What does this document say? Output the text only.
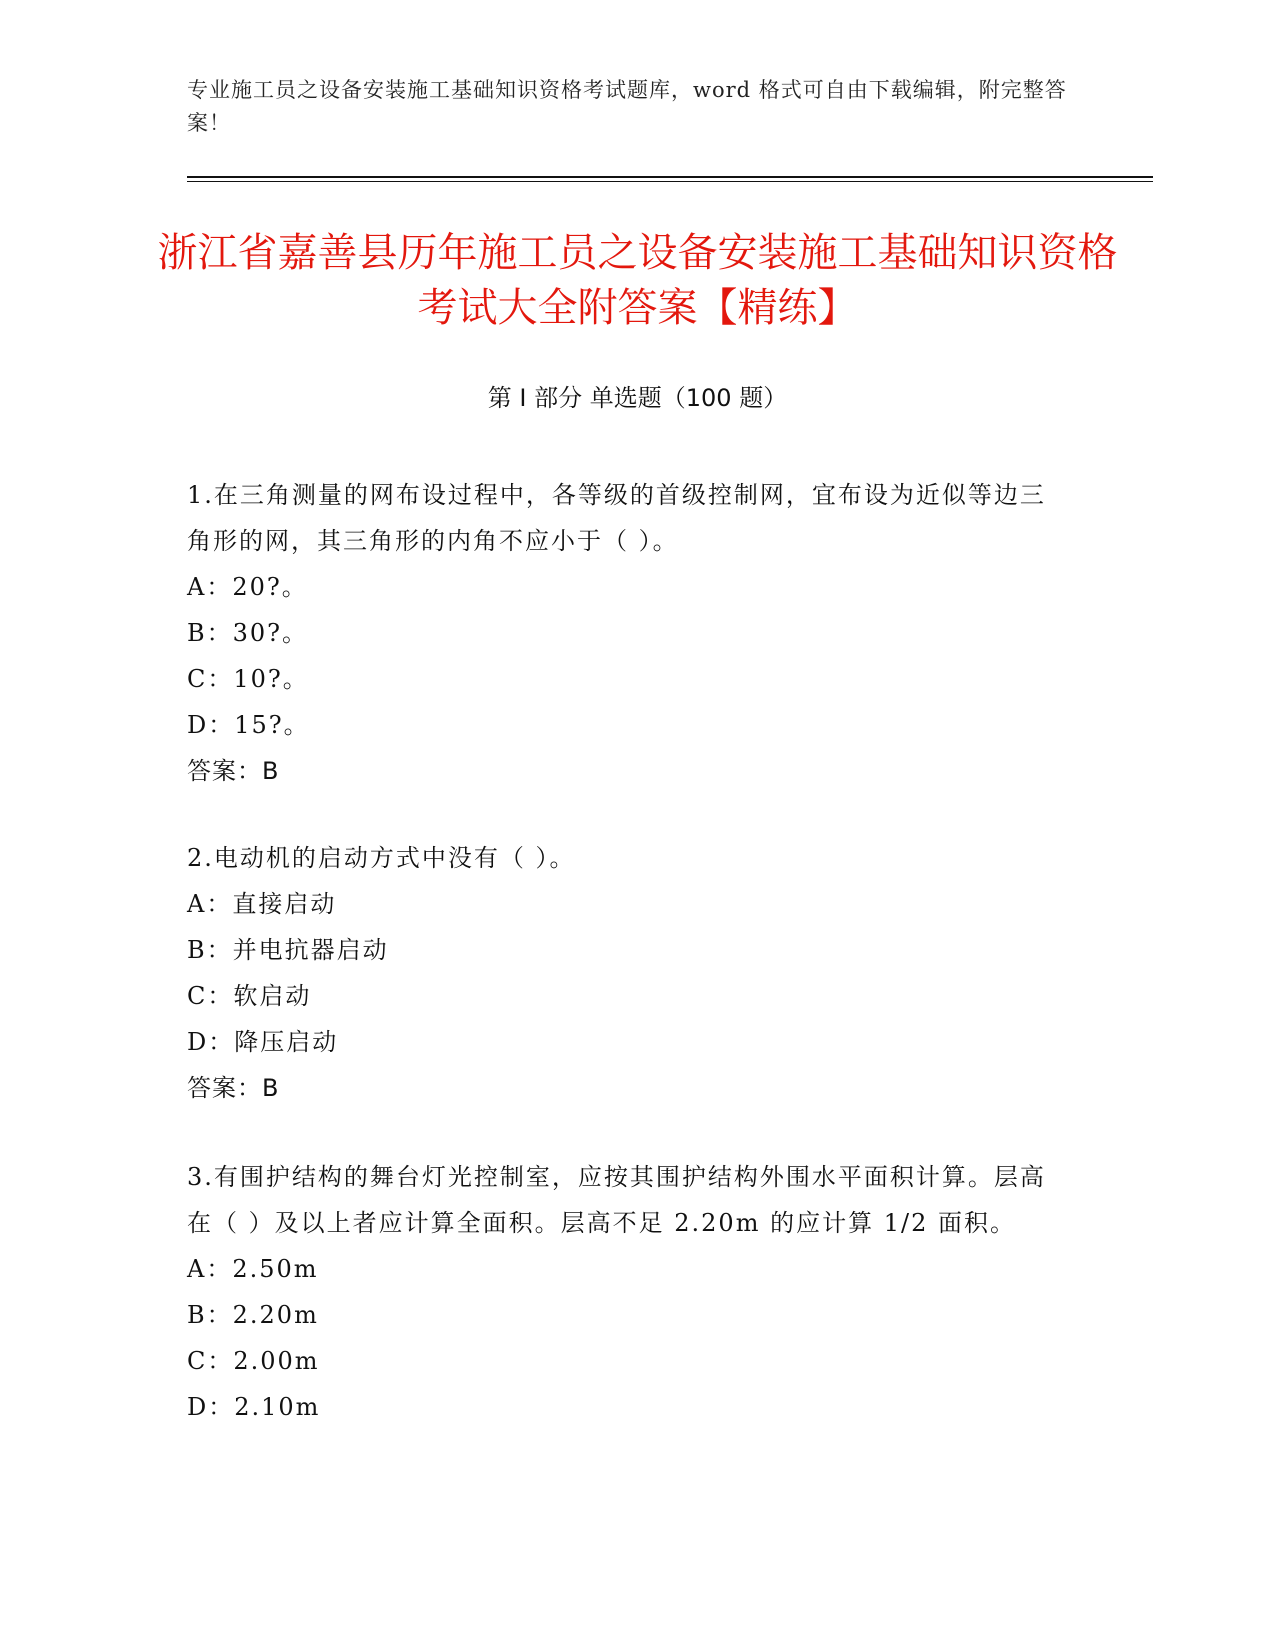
专业施工员之设备安装施工基础知识资格考试题库，word 格式可自由下载编辑，附完整答案！
浙江省嘉善县历年施工员之设备安装施工基础知识资格考试大全附答案【精练】
第 I 部分 单选题（100 题）

1.在三角测量的网布设过程中，各等级的首级控制网，宜布设为近似等边三角形的网，其三角形的内角不应小于（ ）。

A：20?。

B：30?。

C：10?。

D：15?。

答案：B

2.电动机的启动方式中没有（ ）。

A：直接启动

B：并电抗器启动

C：软启动

D：降压启动

答案：B

3.有围护结构的舞台灯光控制室，应按其围护结构外围水平面积计算。层高在（ ）及以上者应计算全面积。层高不足 2.20m 的应计算 1/2 面积。

A：2.50m

B：2.20m

C：2.00m

D：2.10m
